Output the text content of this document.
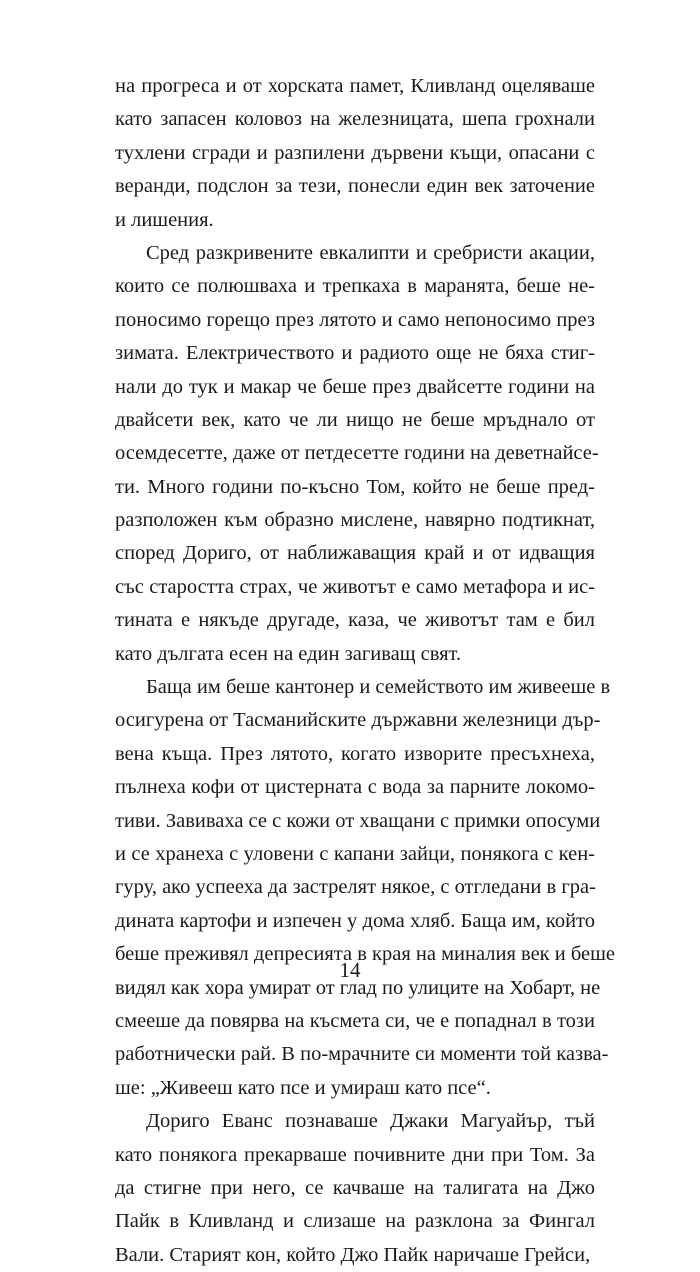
на прогреса и от хорската памет, Кливланд оцеляваше
като запасен коловоз на железницата, шепа грохнали
тухлени сгради и разпилени дървени къщи, опасани с
веранди, подслон за тези, понесли един век заточение
и лишения.
Сред разкривените евкалипти и сребристи акации,
които се полюшваха и трепкаха в маранята, беше не-
поносимо горещо през лятото и само непоносимо през
зимата. Електричеството и радиото още не бяха стиг-
нали до тук и макар че беше през двайсетте години на
двайсети век, като че ли нищо не беше мръднало от
осемдесетте, даже от петдесетте години на деветнайсе-
ти. Много години по-късно Том, който не беше пред-
разположен към образно мислене, навярно подтикнат,
според Дориго, от наближаващия край и от идващия
със старостта страх, че животът е само метафора и ис-
тината е някъде другаде, каза, че животът там е бил
като дългата есен на един загиващ свят.
Баща им беше кантонер и семейството им живееше в
осигурена от Тасманийските държавни железници дър-
вена къща. През лятото, когато изворите пресъхнеха,
пълнеха кофи от цистерната с вода за парните локомо-
тиви. Завиваха се с кожи от хващани с примки опосуми
и се хранеха с уловени с капани зайци, понякога с кен-
гуру, ако успееха да застрелят някое, с отгледани в гра-
дината картофи и изпечен у дома хляб. Баща им, който
беше преживял депресията в края на миналия век и беше
видял как хора умират от глад по улиците на Хобарт, не
смееше да повярва на късмета си, че е попаднал в този
работнически рай. В по-мрачните си моменти той казва-
ше: „Живееш като псе и умираш като псе“.
Дориго Еванс познаваше Джаки Магуайър, тъй
като понякога прекарваше почивните дни при Том. За
да стигне при него, се качваше на талигата на Джо
Пайк в Кливланд и слизаше на разклона за Фингал
Вали. Старият кон, който Джо Пайк наричаше Грейси,
14
